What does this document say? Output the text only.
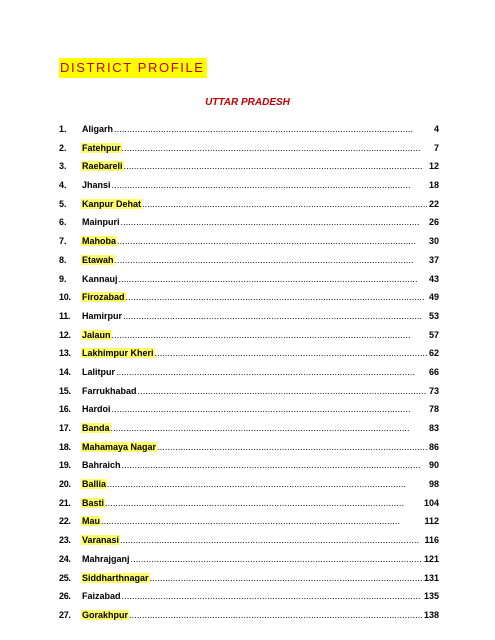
DISTRICT PROFILE
UTTAR PRADESH
1.	Aligarh . . .	4
2.	Fatehpur . . .	7
3.	Raebareli . . .	12
4.	Jhansi . . .	18
5.	Kanpur Dehat . . .	22
6.	Mainpuri . . .	26
7.	Mahoba . . .	30
8.	Etawah . . .	37
9.	Kannauj . . .	43
10.	Firozabad . . .	49
11.	Hamirpur . . .	53
12.	Jalaun . . .	57
13.	Lakhimpur Kheri . . .	62
14.	Lalitpur . . .	66
15.	Farrukhabad . . .	73
16.	Hardoi . . .	78
17.	Banda . . .	83
18.	Mahamaya Nagar . . .	86
19.	Bahraich . . .	90
20.	Ballia . . .	98
21.	Basti . . .	104
22.	Mau . . .	112
23.	Varanasi . . .	116
24.	Mahrajganj . . .	121
25.	Siddharthnagar . . .	131
26.	Faizabad . . .	135
27.	Gorakhpur . . .	138
